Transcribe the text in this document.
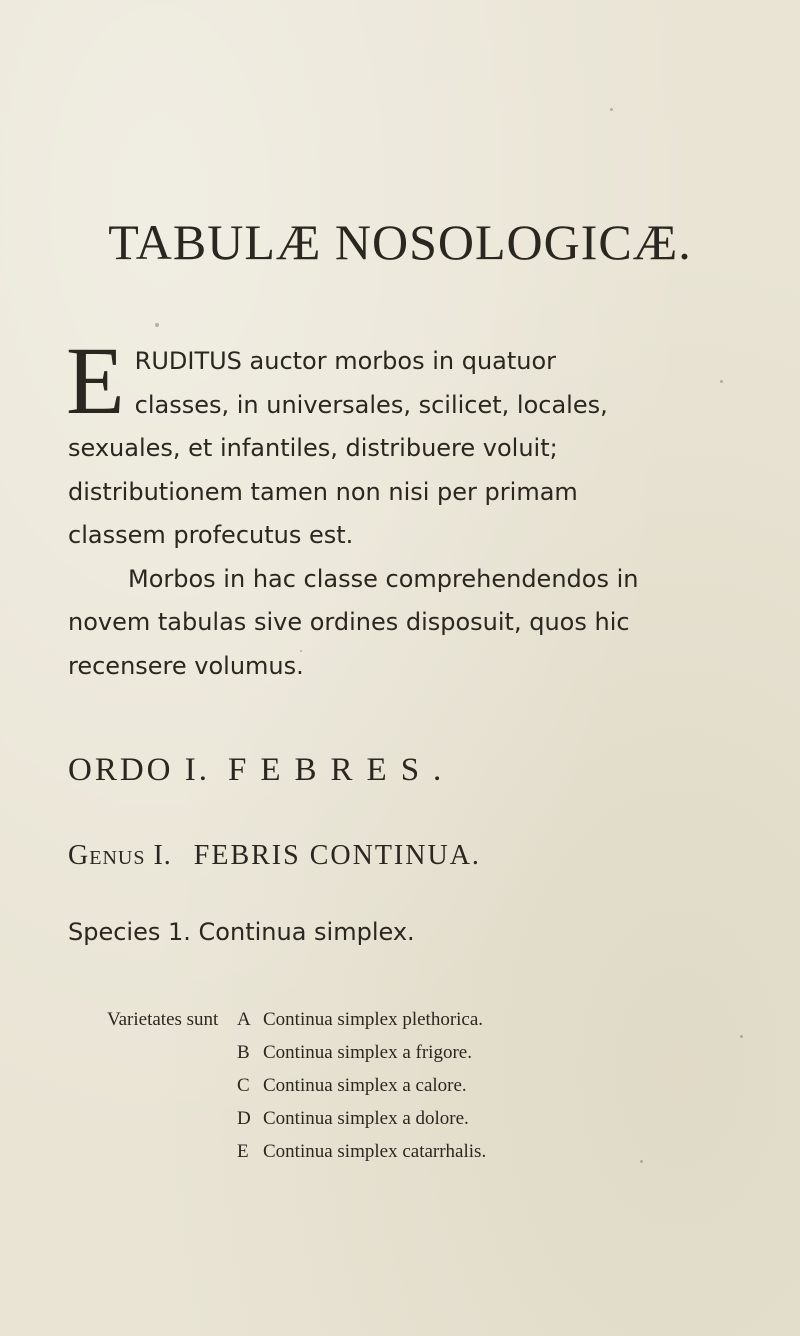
TABULÆ NOSOLOGICÆ.

ERUDITUS auctor morbos in quatuor classes, in universales, scilicet, locales, sexuales, et infantiles, distribuere voluit; distributionem tamen non nisi per primam classem profecutus est.

Morbos in hac classe comprehendendos in novem tabulas sive ordines disposuit, quos hic recensere volumus.

ORDO I. FEBRES.
Genus I. FEBRIS CONTINUA.
Species 1. Continua simplex.
Varietates sunt A Continua simplex plethorica.
B Continua simplex a frigore.
C Continua simplex a calore.
D Continua simplex a dolore.
E Continua simplex catarrhalis.
